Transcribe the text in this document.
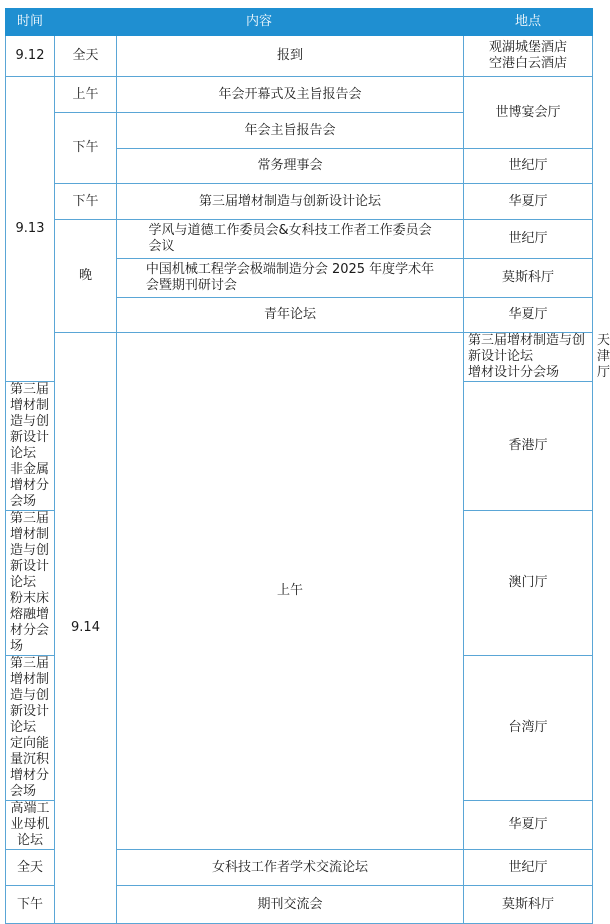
时间	内容		地点	
9.12	全天	报到	观湖城堡酒店
空港白云酒店	

9.13	上午	年会开幕式及主旨报告会	世博宴会厅	
	下午	年会主旨报告会		
		常务理事会	世纪厅	
	下午	第三届增材制造与创新设计论坛	华夏厅	
	晚	学风与道德工作委员会&女科技工作者工作委员会
会议	世纪厅	
		中国机械工程学会极端制造分会 2025 年度学术年
会暨期刊研讨会	莫斯科厅	
		青年论坛	华夏厅	
	9.14	上午	第三届增材制造与创新设计论坛
增材设计分会场	天津厅
第三届增材制造与创新设计论坛
非金属增材分会场			香港厅	
第三届增材制造与创新设计论坛
粉末床熔融增材分会场			澳门厅	
第三届增材制造与创新设计论坛
定向能量沉积增材分会场			台湾厅	
高端工业母机论坛			华夏厅	
全天		女科技工作者学术交流论坛	世纪厅	
下午		期刊交流会	莫斯科厅	
